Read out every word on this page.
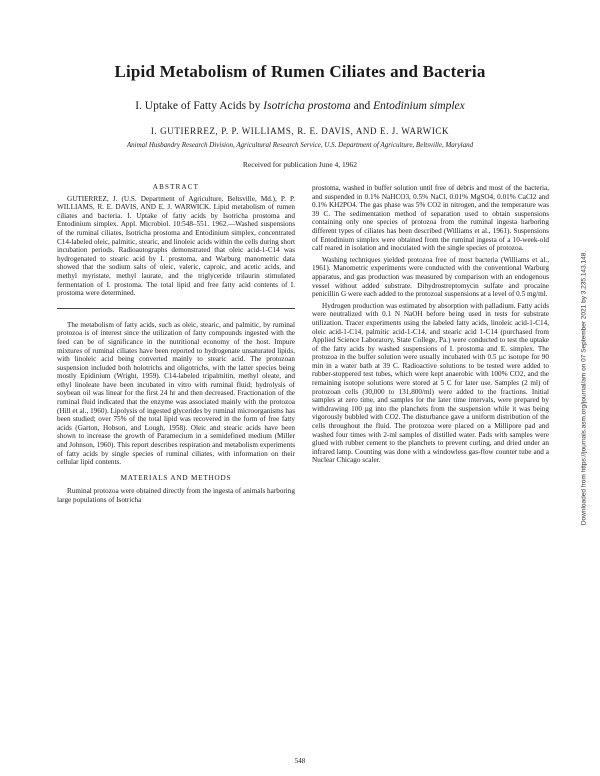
Lipid Metabolism of Rumen Ciliates and Bacteria
I. Uptake of Fatty Acids by Isotricha prostoma and Entodinium simplex
I. GUTIERREZ, P. P. WILLIAMS, R. E. DAVIS, AND E. J. WARWICK
Animal Husbandry Research Division, Agricultural Research Service, U.S. Department of Agriculture, Beltsville, Maryland
Received for publication June 4, 1962
ABSTRACT

GUTIERREZ, J. (U.S. Department of Agriculture, Beltsville, Md.), P. P. WILLIAMS, R. E. DAVIS, AND E. J. WARWICK. Lipid metabolism of rumen ciliates and bacteria. I. Uptake of fatty acids by Isotricha prostoma and Entodinium simplex. Appl. Microbiol. 10:548–551. 1962.—Washed suspensions of the ruminal ciliates, Isotricha prostoma and Entodinium simplex, concentrated C14-labeled oleic, palmitic, stearic, and linoleic acids within the cells during short incubation periods. Radioautographs demonstrated that oleic acid-1-C14 was hydrogenated to stearic acid by I. prostoma, and Warburg manometric data showed that the sodium salts of oleic, valeric, caproic, and acetic acids, and methyl myristate, methyl laurate, and the triglyceride trilaurin stimulated fermentation of I. prostoma. The total lipid and free fatty acid contents of I. prostoma were determined.

The metabolism of fatty acids, such as oleic, stearic, and palmitic, by ruminal protozoa is of interest since the utilization of fatty compounds ingested with the feed can be of significance in the nutritional economy of the host. Impure mixtures of ruminal ciliates have been reported to hydrogenate unsaturated lipids, with linoleic acid being converted mainly to stearic acid. The protozoan suspension included both holotrichs and oligotrichs, with the latter species being mostly Epidinium (Wright, 1959). C14-labeled tripalmitin, methyl oleate, and ethyl linoleate have been incubated in vitro with ruminal fluid; hydrolysis of soybean oil was linear for the first 24 hr and then decreased. Fractionation of the ruminal fluid indicated that the enzyme was associated mainly with the protozoa (Hill et al., 1960). Lipolysis of ingested glycerides by ruminal microorganisms has been studied; over 75% of the total lipid was recovered in the form of free fatty acids (Garton, Hobson, and Lough, 1958). Oleic and stearic acids have been shown to increase the growth of Paramecium in a semidefined medium (Miller and Johnson, 1960). This report describes respiration and metabolism experiments of fatty acids by single species of ruminal ciliates, with information on their cellular lipid contents.

MATERIALS AND METHODS

Ruminal protozoa were obtained directly from the ingesta of animals harboring large populations of Isotricha

prostoma, washed in buffer solution until free of debris and most of the bacteria, and suspended in 0.1% NaHCO3, 0.5% NaCl, 0.01% MgSO4, 0.01% CaCl2 and 0.1% KH2PO4. The gas phase was 5% CO2 in nitrogen, and the temperature was 39 C. The sedimentation method of separation used to obtain suspensions containing only one species of protozoa from the ruminal ingesta harboring different types of ciliates has been described (Williams et al., 1961). Suspensions of Entodinium simplex were obtained from the ruminal ingesta of a 10-week-old calf reared in isolation and inoculated with the single species of protozoa.

Washing techniques yielded protozoa free of most bacteria (Williams et al., 1961). Manometric experiments were conducted with the conventional Warburg apparatus, and gas production was measured by comparison with an endogenous vessel without added substrate. Dihydrostreptomycin sulfate and procaine penicillin G were each added to the protozoal suspensions at a level of 0.5 mg/ml.

Hydrogen production was estimated by absorption with palladium. Fatty acids were neutralized with 0.1 N NaOH before being used in tests for substrate utilization. Tracer experiments using the labeled fatty acids, linoleic acid-1-C14, oleic acid-1-C14, palmitic acid-1-C14, and stearic acid 1-C14 (purchased from Applied Science Laboratory, State College, Pa.) were conducted to test the uptake of the fatty acids by washed suspensions of I. prostoma and E. simplex. The protozoa in the buffer solution were usually incubated with 0.5 µc isotope for 90 min in a water bath at 39 C. Radioactive solutions to be tested were added to rubber-stoppered test tubes, which were kept anaerobic with 100% CO2, and the remaining isotope solutions were stored at 5 C for later use. Samples (2 ml) of protozoan cells (30,000 to 131,800/ml) were added to the fractions. Initial samples at zero time, and samples for the later time intervals, were prepared by withdrawing 100 µg into the planchets from the suspension while it was being vigorously bubbled with CO2. The disturbance gave a uniform distribution of the cells throughout the fluid. The protozoa were placed on a Millipore pad and washed four times with 2-ml samples of distilled water. Pads with samples were glued with rubber cement to the planchets to prevent curling, and dried under an infrared lamp. Counting was done with a windowless gas-flow counter tube and a Nuclear Chicago scaler.

548
Downloaded from https://journals.asm.org/journal/am on 07 September 2021 by 3.235.143.148.
